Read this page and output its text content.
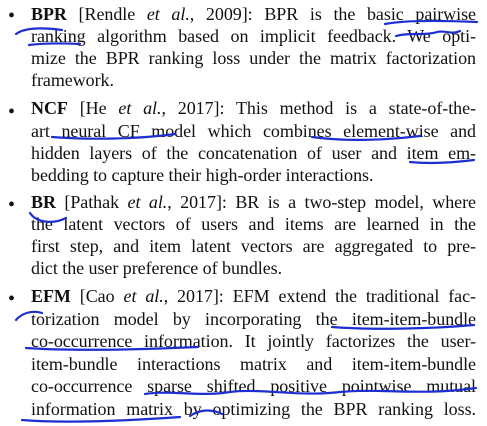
• BPR [Rendle et al., 2009]: BPR is the basic pairwise
ranking algorithm based on implicit feedback. We opti-
mize the BPR ranking loss under the matrix factorization
framework.
• NCF [He et al., 2017]: This method is a state-of-the-
art neural CF model which combines element-wise and
hidden layers of the concatenation of user and item em-
bedding to capture their high-order interactions.
• BR [Pathak et al., 2017]: BR is a two-step model, where
the latent vectors of users and items are learned in the
first step, and item latent vectors are aggregated to pre-
dict the user preference of bundles.
• EFM [Cao et al., 2017]: EFM extend the traditional fac-
torization model by incorporating the item-item-bundle
co-occurrence information. It jointly factorizes the user-
item-bundle interactions matrix and item-item-bundle
co-occurrence sparse shifted positive pointwise mutual
information matrix by optimizing the BPR ranking loss.
